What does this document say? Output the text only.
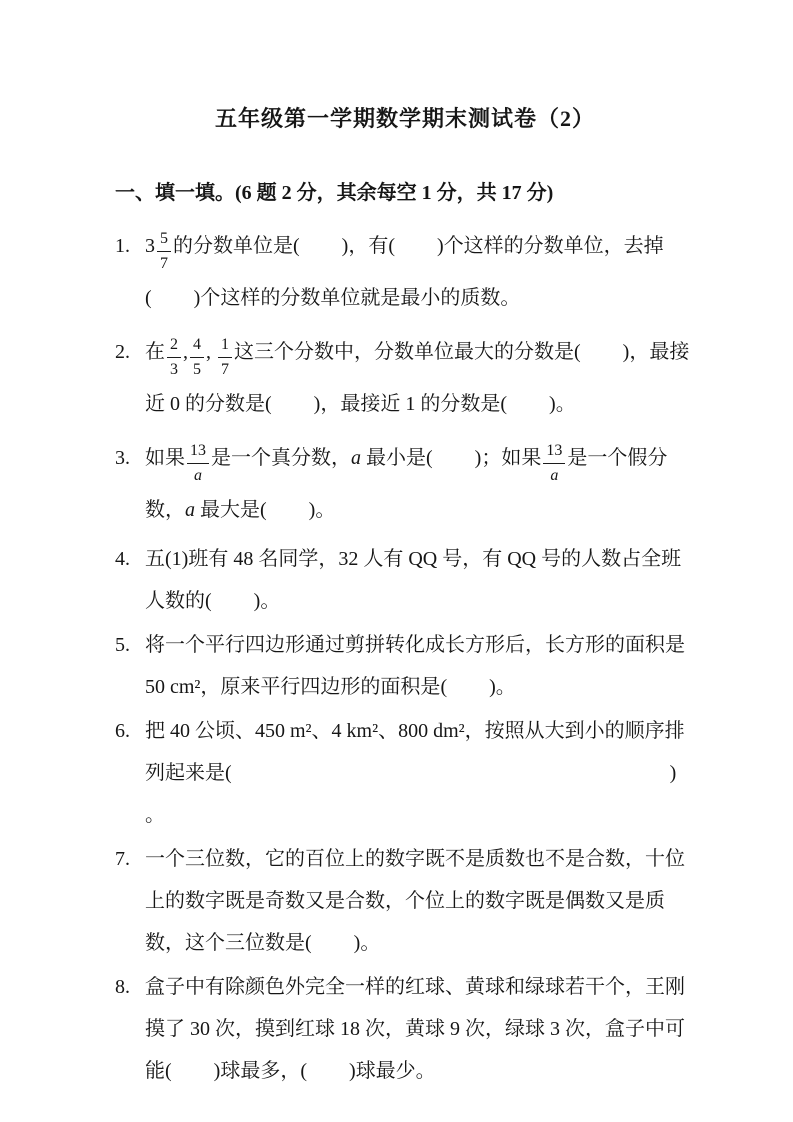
五年级第一学期数学期末测试卷（2）
一、填一填。(6 题 2 分，其余每空 1 分，共 17 分)
1. $3 \frac{5}{7}$ 的分数单位是( )，有( )个这样的分数单位，去掉( )个这样的分数单位就是最小的质数。
2. 在 $\frac{2}{3}$ , $\frac{4}{5}$ , $\frac{1}{7}$ 这三个分数中，分数单位最大的分数是( )，最接近 0 的分数是( )，最接近 1 的分数是( )。
3. 如果 $\frac{13}{a}$ 是一个真分数，a 最小是( )；如果 $\frac{13}{a}$ 是一个假分数，a 最大是( )。
4. 五(1)班有 48 名同学，32 人有 QQ 号，有 QQ 号的人数占全班人数的( )。
5. 将一个平行四边形通过剪拼转化成长方形后，长方形的面积是 50 cm²，原来平行四边形的面积是( )。
6. 把 40 公顷、450 m²、4 km²、800 dm²，按照从大到小的顺序排列起来是(	)。
7. 一个三位数，它的百位上的数字既不是质数也不是合数，十位上的数字既是奇数又是合数，个位上的数字既是偶数又是质数，这个三位数是( )。
8. 盒子中有除颜色外完全一样的红球、黄球和绿球若干个，王刚摸了 30 次，摸到红球 18 次，黄球 9 次，绿球 3 次，盒子中可能( )球最多，( )球最少。
